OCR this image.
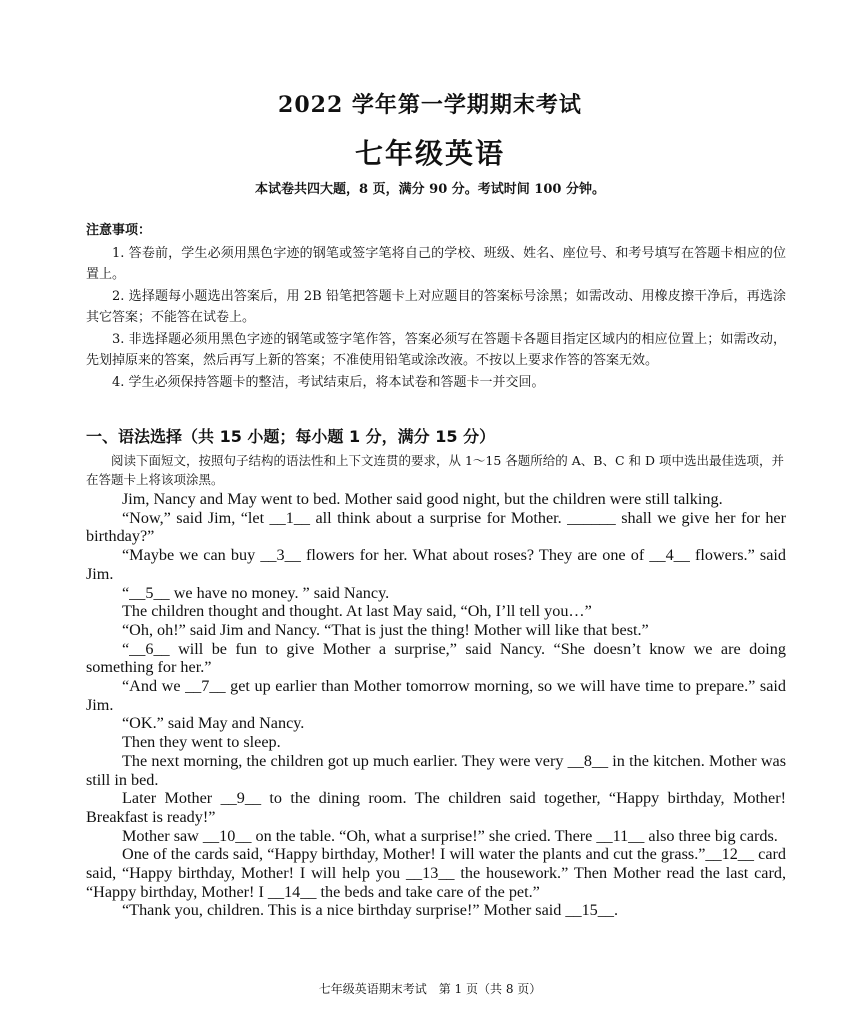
2022 学年第一学期期末考试
七年级英语
本试卷共四大题，8 页，满分 90 分。考试时间 100 分钟。
注意事项：
1. 答卷前，学生必须用黑色字迹的钢笔或签字笔将自己的学校、班级、姓名、座位号、和考号填写在答题卡相应的位置上。
2. 选择题每小题选出答案后，用 2B 铅笔把答题卡上对应题目的答案标号涂黑；如需改动、用橡皮擦干净后，再选涂其它答案；不能答在试卷上。
3. 非选择题必须用黑色字迹的钢笔或签字笔作答，答案必须写在答题卡各题目指定区域内的相应位置上；如需改动，先划掉原来的答案，然后再写上新的答案；不准使用铅笔或涂改液。不按以上要求作答的答案无效。
4. 学生必须保持答题卡的整洁，考试结束后，将本试卷和答题卡一并交回。
一、语法选择（共 15 小题；每小题 1 分，满分 15 分）
阅读下面短文，按照句子结构的语法性和上下文连贯的要求，从 1～15 各题所给的 A、B、C 和 D 项中选出最佳选项，并在答题卡上将该项涂黑。
Jim, Nancy and May went to bed. Mother said good night, but the children were still talking.
“Now,” said Jim, “let __1__ all think about a surprise for Mother. ______ shall we give her for her birthday?”
“Maybe we can buy __3__ flowers for her. What about roses? They are one of __4__ flowers.” said Jim.
“__5__ we have no money. ” said Nancy.
The children thought and thought. At last May said, “Oh, I’ll tell you…”
“Oh, oh!” said Jim and Nancy. “That is just the thing! Mother will like that best.”
“__6__ will be fun to give Mother a surprise,” said Nancy. “She doesn’t know we are doing something for her.”
“And we __7__ get up earlier than Mother tomorrow morning, so we will have time to prepare.” said Jim.
“OK.” said May and Nancy.
Then they went to sleep.
The next morning, the children got up much earlier. They were very __8__ in the kitchen. Mother was still in bed.
Later Mother __9__ to the dining room. The children said together, “Happy birthday, Mother! Breakfast is ready!”
Mother saw __10__ on the table. “Oh, what a surprise!” she cried. There __11__ also three big cards.
One of the cards said, “Happy birthday, Mother! I will water the plants and cut the grass.”__12__ card said, “Happy birthday, Mother! I will help you __13__ the housework.” Then Mother read the last card, “Happy birthday, Mother! I __14__ the beds and take care of the pet.”
“Thank you, children. This is a nice birthday surprise!” Mother said __15__.
七年级英语期末考试　第 1 页（共 8 页）
